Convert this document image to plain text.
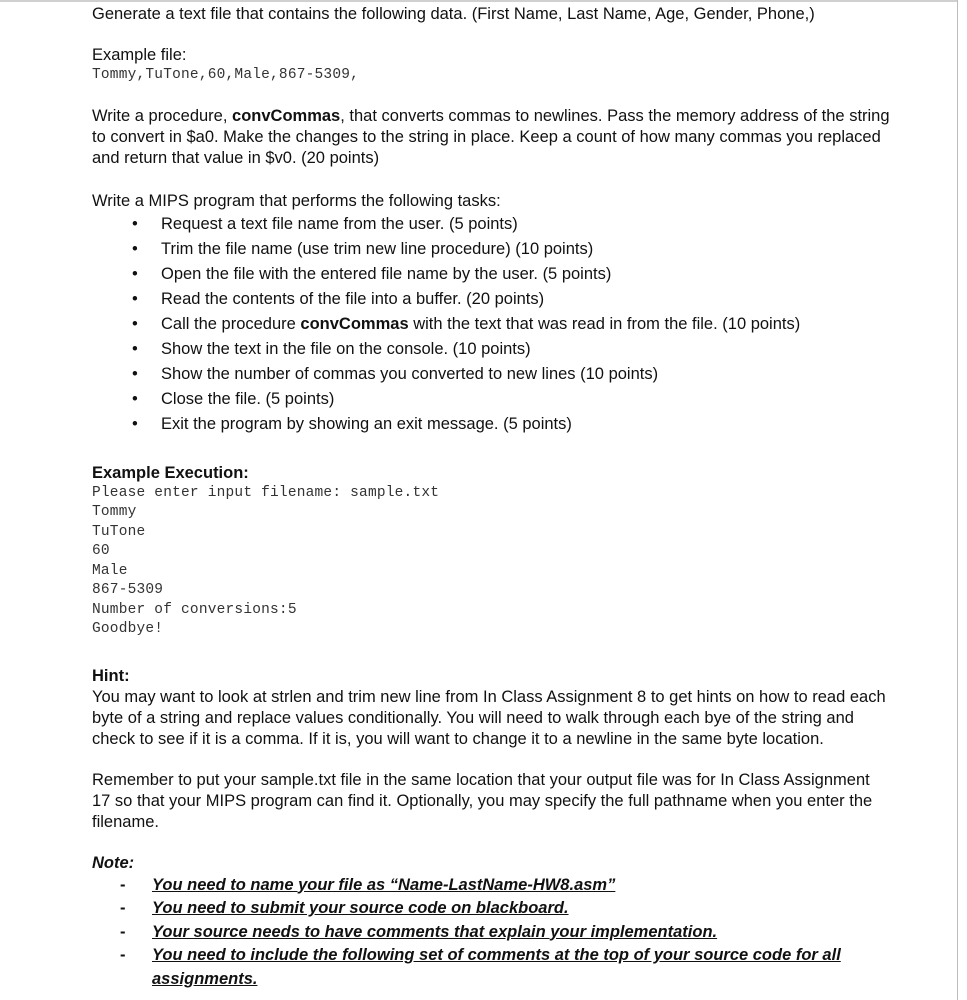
Generate a text file that contains the following data. (First Name, Last Name, Age, Gender, Phone,)

Example file:

Tommy,TuTone,60,Male,867-5309,

Write a procedure, convCommas, that converts commas to newlines. Pass the memory address of the string to convert in $a0. Make the changes to the string in place. Keep a count of how many commas you replaced and return that value in $v0. (20 points)

Write a MIPS program that performs the following tasks:

• Request a text file name from the user. (5 points)
• Trim the file name (use trim new line procedure) (10 points)
• Open the file with the entered file name by the user. (5 points)
• Read the contents of the file into a buffer. (20 points)
• Call the procedure convCommas with the text that was read in from the file. (10 points)
• Show the text in the file on the console. (10 points)
• Show the number of commas you converted to new lines (10 points)
• Close the file. (5 points)
• Exit the program by showing an exit message. (5 points)

Example Execution:

Please enter input filename: sample.txt
Tommy
TuTone
60
Male
867-5309
Number of conversions:5
Goodbye!

Hint:

You may want to look at strlen and trim new line from In Class Assignment 8 to get hints on how to read each byte of a string and replace values conditionally. You will need to walk through each bye of the string and check to see if it is a comma. If it is, you will want to change it to a newline in the same byte location.

Remember to put your sample.txt file in the same location that your output file was for In Class Assignment 17 so that your MIPS program can find it. Optionally, you may specify the full pathname when you enter the filename.

Note:

- You need to name your file as “Name-LastName-HW8.asm”
- You need to submit your source code on blackboard.
- Your source needs to have comments that explain your implementation.
- You need to include the following set of comments at the top of your source code for all assignments.
